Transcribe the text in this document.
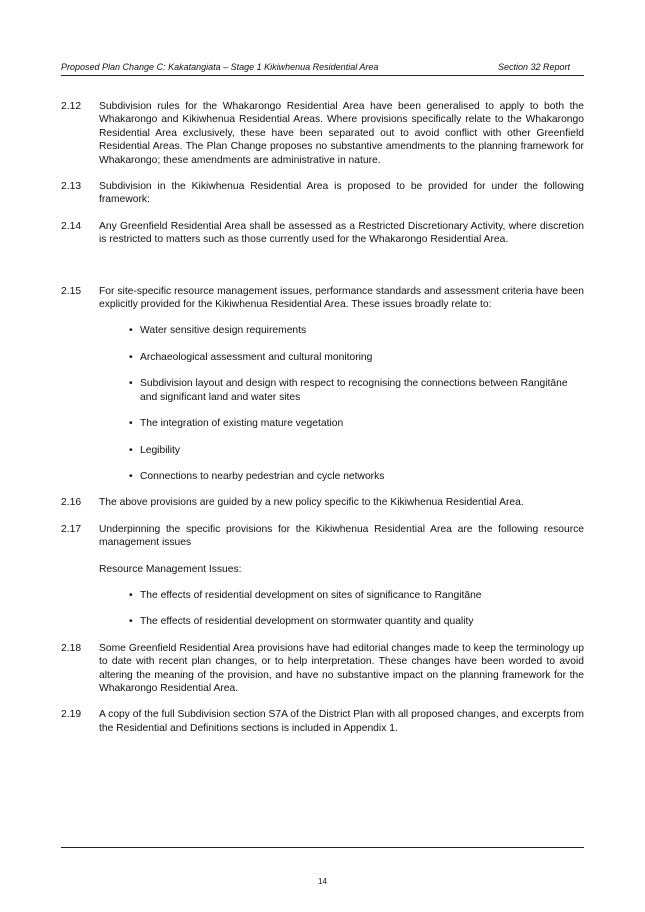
Proposed Plan Change C: Kakatangiata – Stage 1 Kikiwhenua Residential Area	Section 32 Report
2.12 Subdivision rules for the Whakarongo Residential Area have been generalised to apply to both the Whakarongo and Kikiwhenua Residential Areas. Where provisions specifically relate to the Whakarongo Residential Area exclusively, these have been separated out to avoid conflict with other Greenfield Residential Areas. The Plan Change proposes no substantive amendments to the planning framework for Whakarongo; these amendments are administrative in nature.
2.13 Subdivision in the Kikiwhenua Residential Area is proposed to be provided for under the following framework:
2.14 Any Greenfield Residential Area shall be assessed as a Restricted Discretionary Activity, where discretion is restricted to matters such as those currently used for the Whakarongo Residential Area.
2.15 For site-specific resource management issues, performance standards and assessment criteria have been explicitly provided for the Kikiwhenua Residential Area. These issues broadly relate to:
• Water sensitive design requirements
• Archaeological assessment and cultural monitoring
• Subdivision layout and design with respect to recognising the connections between Rangitāne and significant land and water sites
• The integration of existing mature vegetation
• Legibility
• Connections to nearby pedestrian and cycle networks
2.16 The above provisions are guided by a new policy specific to the Kikiwhenua Residential Area.
2.17 Underpinning the specific provisions for the Kikiwhenua Residential Area are the following resource management issues
Resource Management Issues:
• The effects of residential development on sites of significance to Rangitāne
• The effects of residential development on stormwater quantity and quality
2.18 Some Greenfield Residential Area provisions have had editorial changes made to keep the terminology up to date with recent plan changes, or to help interpretation. These changes have been worded to avoid altering the meaning of the provision, and have no substantive impact on the planning framework for the Whakarongo Residential Area.
2.19 A copy of the full Subdivision section S7A of the District Plan with all proposed changes, and excerpts from the Residential and Definitions sections is included in Appendix 1.
14
